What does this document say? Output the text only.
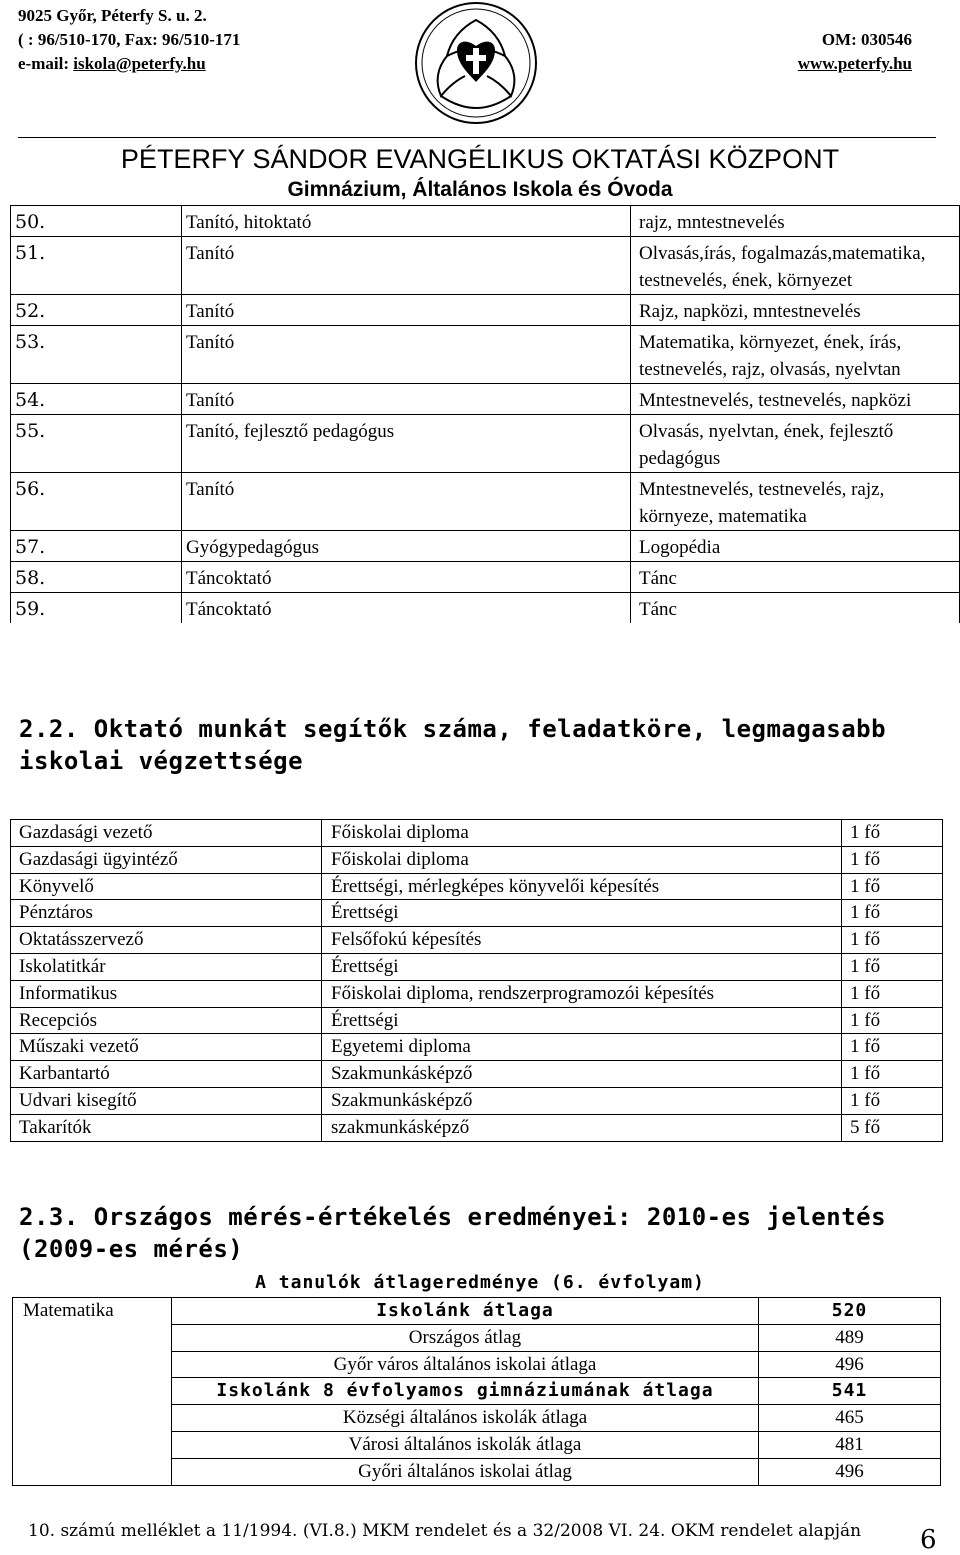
9025 Győr, Péterfy S. u. 2.
( : 96/510-170, Fax: 96/510-171
e-mail: iskola@peterfy.hu
OM: 030546
www.peterfy.hu
PÉTERFY SÁNDOR EVANGÉLIKUS OKTATÁSI KÖZPONT
Gimnázium, Általános Iskola és Óvoda
50.	Tanító, hitoktató	rajz, mntestnevelés
51.	Tanító	Olvasás,írás, fogalmazás,matematika, testnevelés, ének, környezet
52.	Tanító	Rajz, napközi, mntestnevelés
53.	Tanító	Matematika, környezet, ének, írás, testnevelés, rajz, olvasás, nyelvtan
54.	Tanító	Mntestnevelés, testnevelés, napközi
55.	Tanító, fejlesztő pedagógus	Olvasás, nyelvtan, ének, fejlesztő pedagógus
56.	Tanító	Mntestnevelés, testnevelés, rajz, környeze, matematika
57.	Gyógypedagógus	Logopédia
58.	Táncoktató	Tánc
59.	Táncoktató	Tánc
2.2. Oktató munkát segítők száma, feladatköre, legmagasabb iskolai végzettsége
Gazdasági vezető	Főiskolai diploma	1 fő
Gazdasági ügyintéző	Főiskolai diploma	1 fő
Könyvelő	Érettségi, mérlegképes könyvelői képesítés	1 fő
Pénztáros	Érettségi	1 fő
Oktatásszervező	Felsőfokú képesítés	1 fő
Iskolatitkár	Érettségi	1 fő
Informatikus	Főiskolai diploma, rendszerprogramozói képesítés	1 fő
Recepciós	Érettségi	1 fő
Műszaki vezető	Egyetemi diploma	1 fő
Karbantartó	Szakmunkásképző	1 fő
Udvari kisegítő	Szakmunkásképző	1 fő
Takarítók	szakmunkásképző	5 fő
2.3. Országos mérés-értékelés eredményei: 2010-es jelentés (2009-es mérés)
A tanulók átlageredménye (6. évfolyam)
Matematika	Iskolánk átlaga	520
	Országos átlag	489
	Győr város általános iskolai átlaga	496
	Iskolánk 8 évfolyamos gimnáziumának átlaga	541
	Községi általános iskolák átlaga	465
	Városi általános iskolák átlaga	481
	Győri általános iskolai átlag	496
10. számú melléklet a 11/1994. (VI.8.) MKM rendelet és a 32/2008 VI. 24. OKM rendelet alapján 6
